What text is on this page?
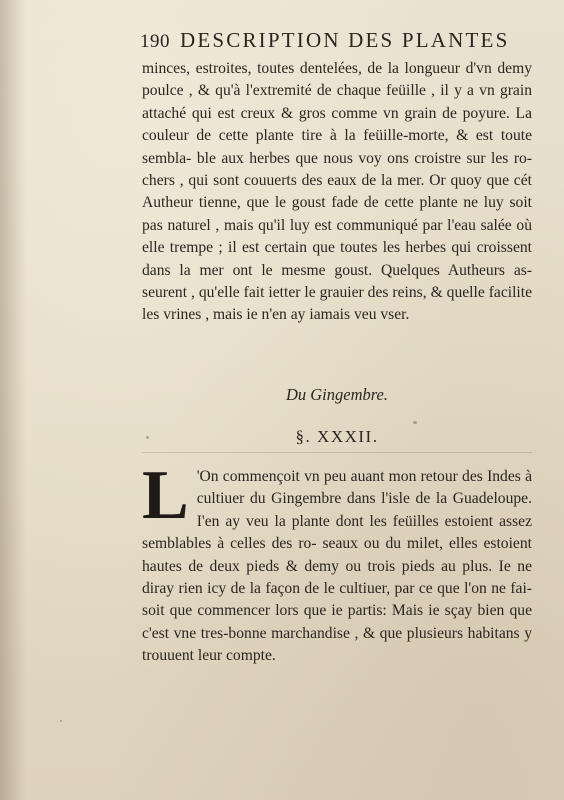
190 DESCRIPTION DES PLANTES
minces, estroites, toutes dentelées, de la longueur d'vn demy poulce , & qu'à l'extremité de chaque feüille , il y a vn grain attaché qui est creux & gros comme vn grain de poyure. La couleur de cette plante tire à la feüille-morte, & est toute sembla- ble aux herbes que nous voy ons croistre sur les ro- chers , qui sont couuerts des eaux de la mer. Or quoy que cét Autheur tienne, que le goust fade de cette plante ne luy soit pas naturel , mais qu'il luy est communiqué par l'eau salée où elle trempe ; il est certain que toutes les herbes qui croissent dans la mer ont le mesme goust. Quelques Autheurs as- seurent , qu'elle fait ietter le grauier des reins, & quelle facilite les vrines , mais ie n'en ay iamais veu vser.
Du Gingembre.
§. XXXII.
L 'On commençoit vn peu auant mon retour des Indes à cultiuer du Gingembre dans l'isle de la Guadeloupe. I'en ay veu la plante dont les feüilles estoient assez semblables à celles des ro- seaux ou du milet, elles estoient hautes de deux pieds & demy ou trois pieds au plus. Ie ne diray rien icy de la façon de le cultiuer, par ce que l'on ne fai- soit que commencer lors que ie partis: Mais ie sçay bien que c'est vne tres-bonne marchandise , & que plusieurs habitans y trouuent leur compte.
